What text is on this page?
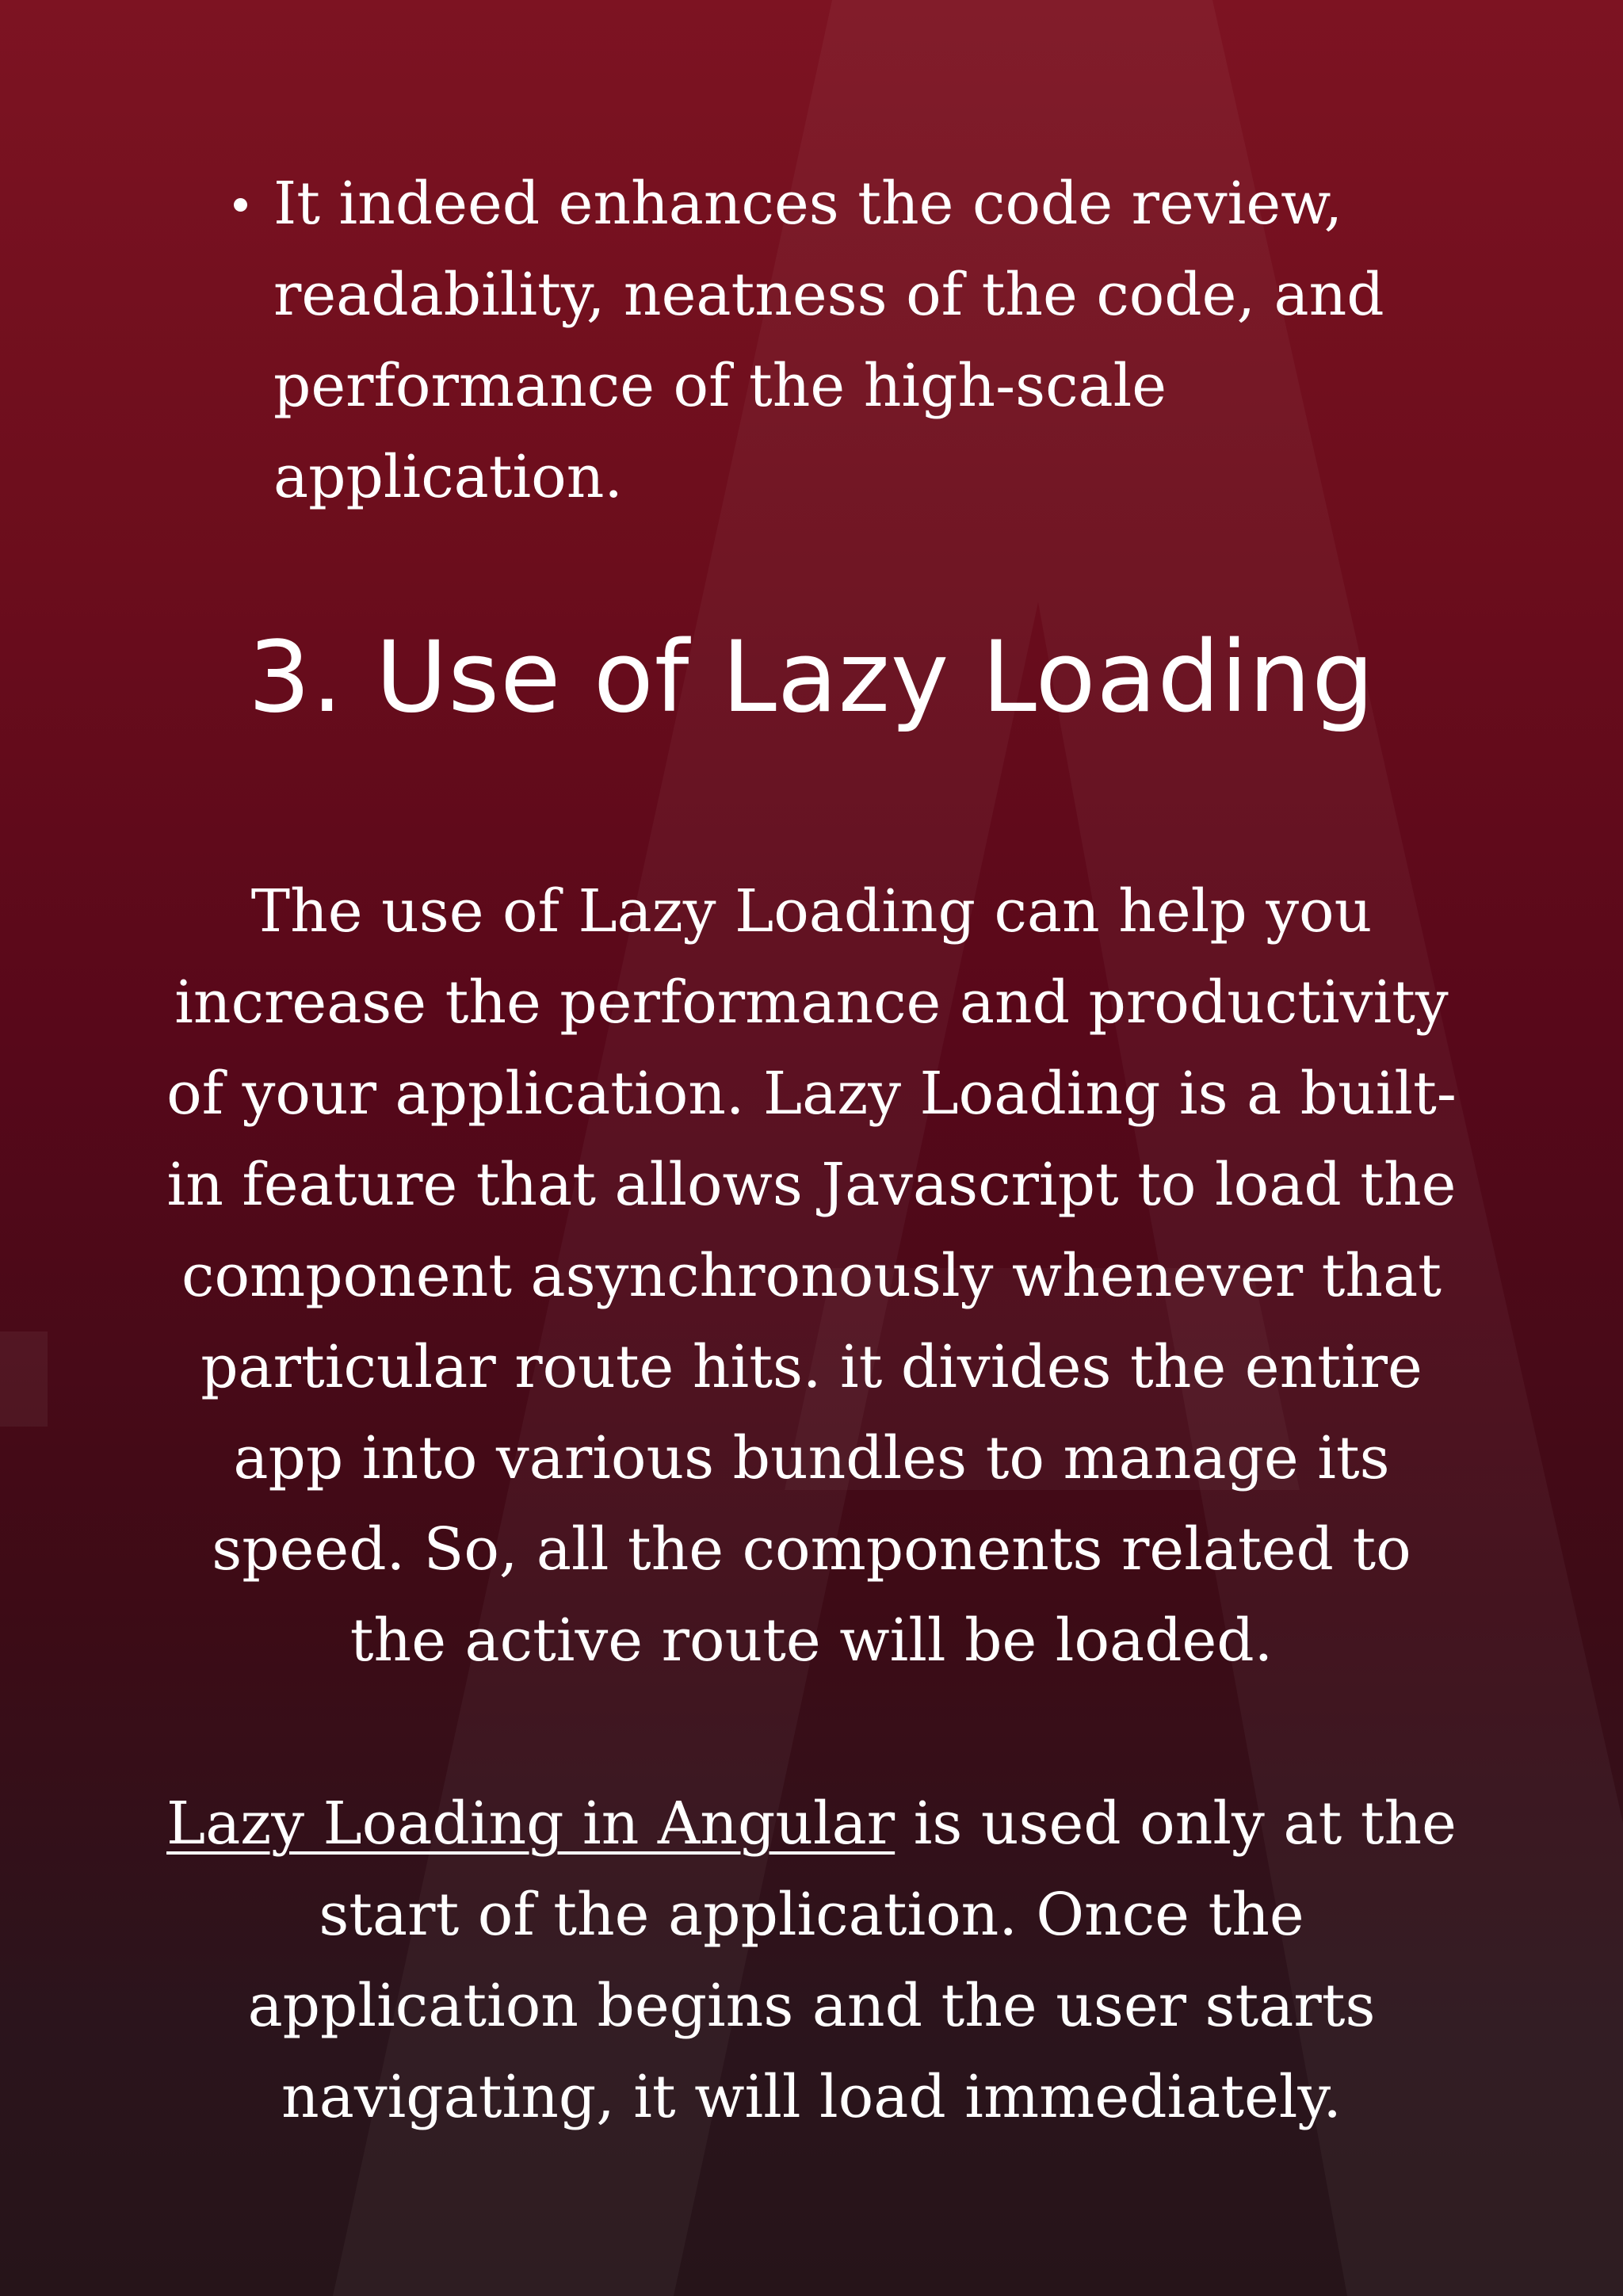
It indeed enhances the code review, readability, neatness of the code, and performance of the high-scale application.
3. Use of Lazy Loading

The use of Lazy Loading can help you increase the performance and productivity of your application. Lazy Loading is a built-in feature that allows Javascript to load the component asynchronously whenever that particular route hits. it divides the entire app into various bundles to manage its speed. So, all the components related to the active route will be loaded.

Lazy Loading in Angular is used only at the start of the application. Once the application begins and the user starts navigating, it will load immediately.
